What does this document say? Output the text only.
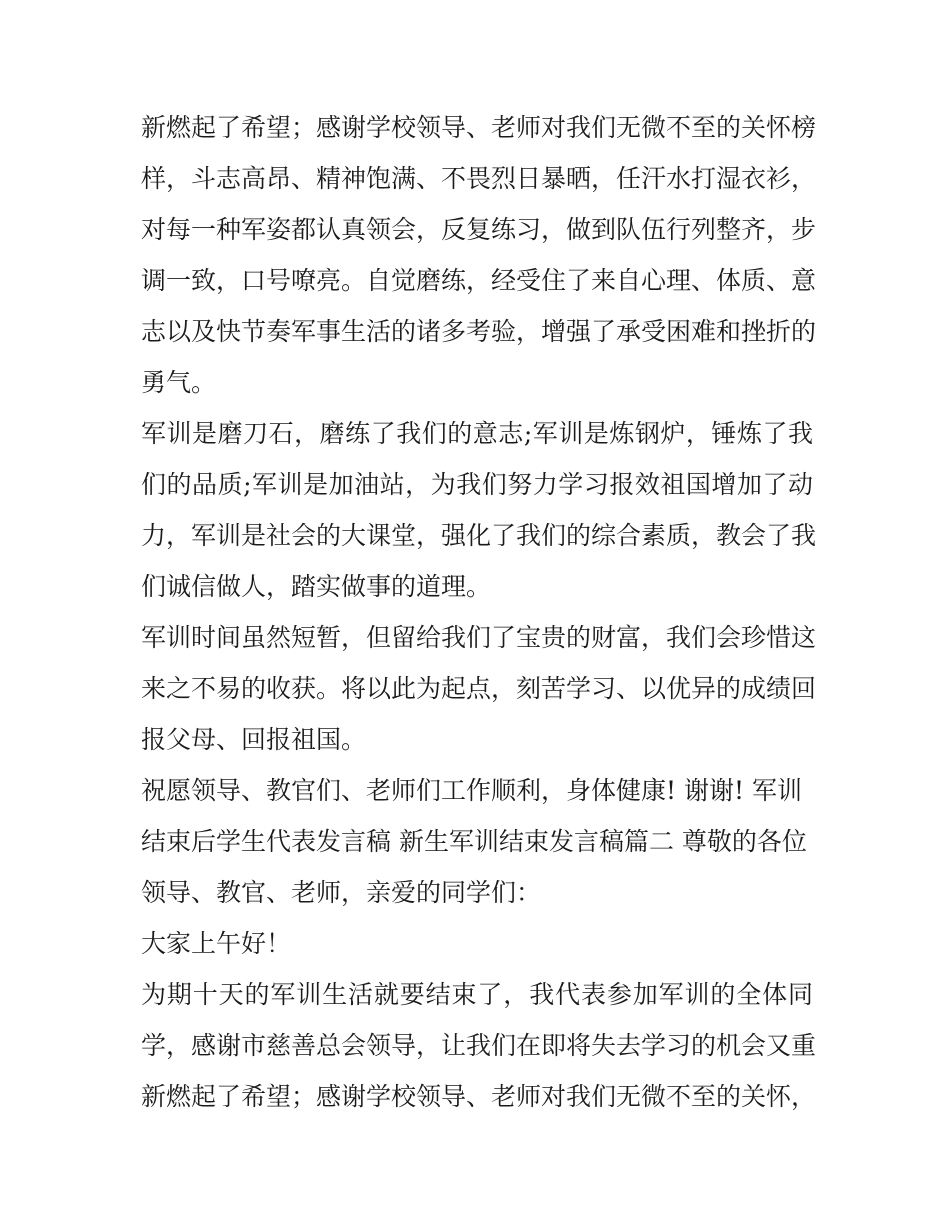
新燃起了希望；感谢学校领导、老师对我们无微不至的关怀榜
样，斗志高昂、精神饱满、不畏烈日暴晒，任汗水打湿衣衫，
对每一种军姿都认真领会，反复练习，做到队伍行列整齐，步
调一致，口号嘹亮。自觉磨练，经受住了来自心理、体质、意
志以及快节奏军事生活的诸多考验，增强了承受困难和挫折的
勇气。
军训是磨刀石，磨练了我们的意志;军训是炼钢炉，锤炼了我
们的品质;军训是加油站，为我们努力学习报效祖国增加了动
力，军训是社会的大课堂，强化了我们的综合素质，教会了我
们诚信做人，踏实做事的道理。
军训时间虽然短暂，但留给我们了宝贵的财富，我们会珍惜这
来之不易的收获。将以此为起点，刻苦学习、以优异的成绩回
报父母、回报祖国。
祝愿领导、教官们、老师们工作顺利，身体健康! 谢谢! 军训
结束后学生代表发言稿 新生军训结束发言稿篇二 尊敬的各位
领导、教官、老师，亲爱的同学们：
大家上午好！
为期十天的军训生活就要结束了，我代表参加军训的全体同
学，感谢市慈善总会领导，让我们在即将失去学习的机会又重
新燃起了希望；感谢学校领导、老师对我们无微不至的关怀，
